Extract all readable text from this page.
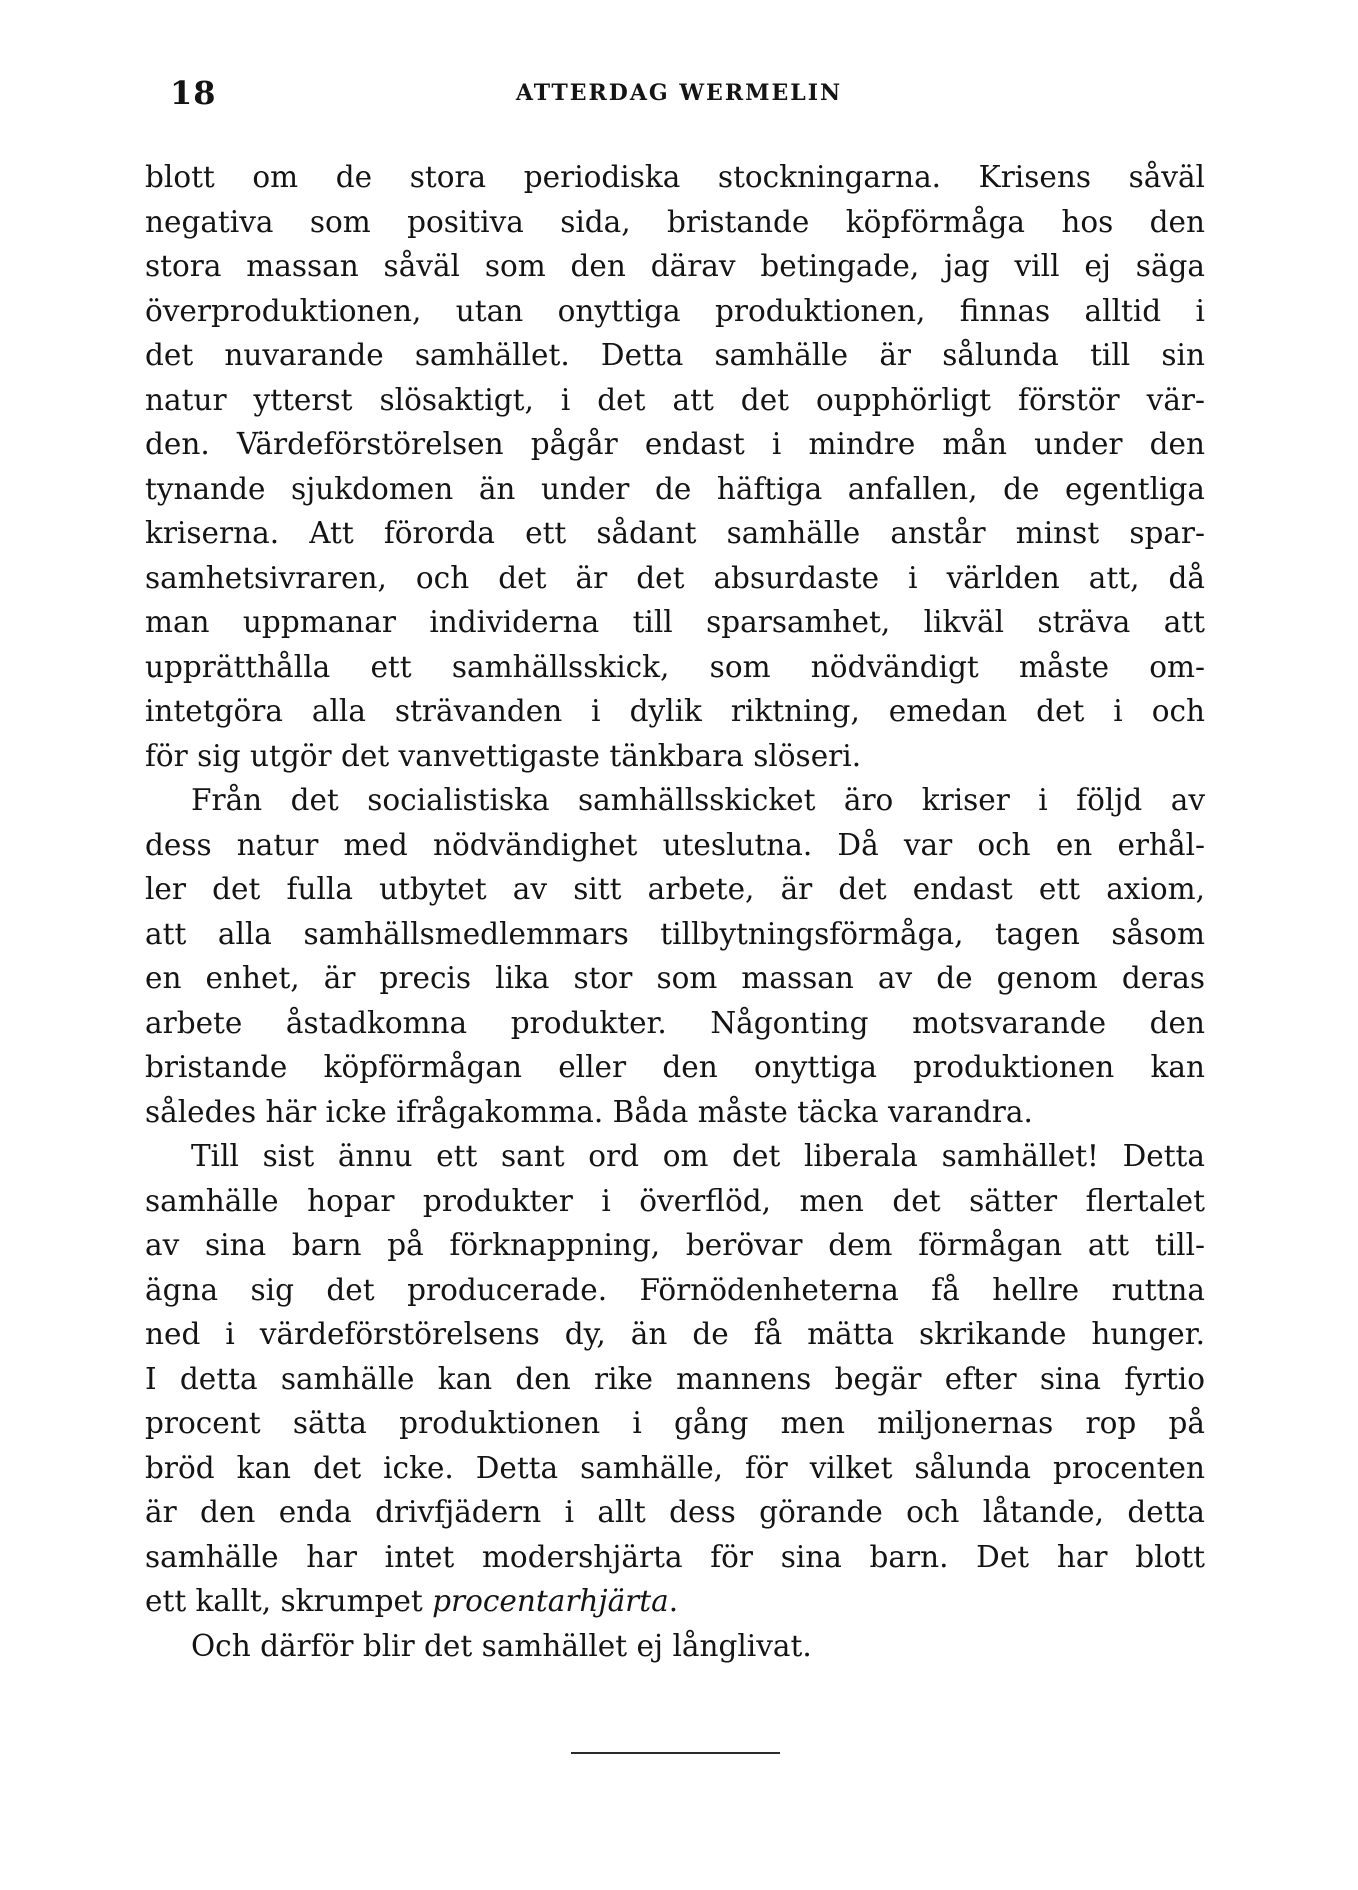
18	ATTERDAG WERMELIN
blott om de stora periodiska stockningarna. Krisens såväl
negativa som positiva sida, bristande köpförmåga hos den
stora massan såväl som den därav betingade, jag vill ej säga
överproduktionen, utan onyttiga produktionen, finnas alltid i
det nuvarande samhället. Detta samhälle är sålunda till sin
natur ytterst slösaktigt, i det att det oupphörligt förstör vär-
den. Värdeförstörelsen pågår endast i mindre mån under den
tynande sjukdomen än under de häftiga anfallen, de egentliga
kriserna. Att förorda ett sådant samhälle anstår minst spar-
samhetsivraren, och det är det absurdaste i världen att, då
man uppmanar individerna till sparsamhet, likväl sträva att
upprätthålla ett samhällsskick, som nödvändigt måste om-
intetgöra alla strävanden i dylik riktning, emedan det i och
för sig utgör det vanvettigaste tänkbara slöseri.
Från det socialistiska samhällsskicket äro kriser i följd av
dess natur med nödvändighet uteslutna. Då var och en erhål-
ler det fulla utbytet av sitt arbete, är det endast ett axiom,
att alla samhällsmedlemmars tillbytningsförmåga, tagen såsom
en enhet, är precis lika stor som massan av de genom deras
arbete åstadkomna produkter. Någonting motsvarande den
bristande köpförmågan eller den onyttiga produktionen kan
således här icke ifrågakomma. Båda måste täcka varandra.
Till sist ännu ett sant ord om det liberala samhället! Detta
samhälle hopar produkter i överflöd, men det sätter flertalet
av sina barn på förknappning, berövar dem förmågan att till-
ägna sig det producerade. Förnödenheterna få hellre ruttna
ned i värdeförstörelsens dy, än de få mätta skrikande hunger.
I detta samhälle kan den rike mannens begär efter sina fyrtio
procent sätta produktionen i gång men miljonernas rop på
bröd kan det icke. Detta samhälle, för vilket sålunda procenten
är den enda drivfjädern i allt dess görande och låtande, detta
samhälle har intet modershjärta för sina barn. Det har blott
ett kallt, skrumpet procentarhjärta.
Och därför blir det samhället ej långlivat.
